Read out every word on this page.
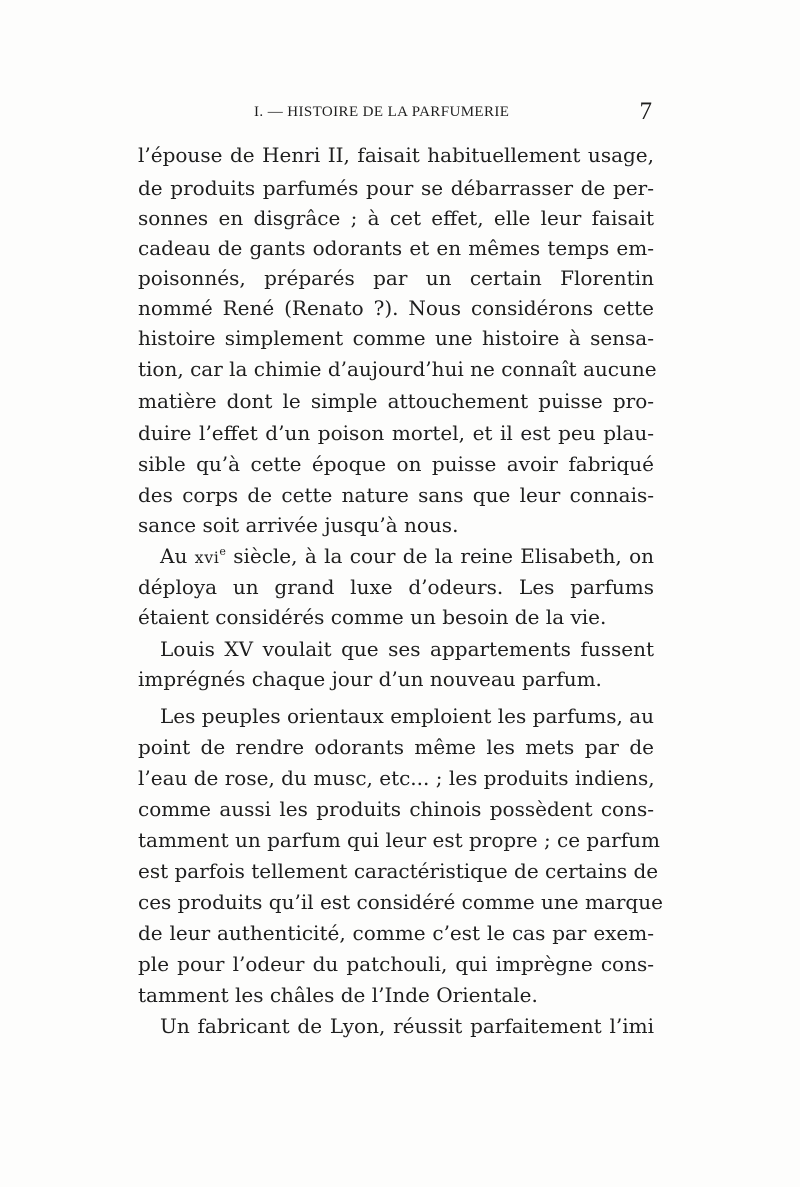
I. — HISTOIRE DE LA PARFUMERIE	7
l’épouse de Henri II, faisait habituellement usage,
de produits parfumés pour se débarrasser de per-
sonnes en disgrâce ; à cet effet, elle leur faisait
cadeau de gants odorants et en mêmes temps em-
poisonnés, préparés par un certain Florentin
nommé René (Renato ?). Nous considérons cette
histoire simplement comme une histoire à sensa-
tion, car la chimie d’aujourd’hui ne connaît aucune
matière dont le simple attouchement puisse pro-
duire l’effet d’un poison mortel, et il est peu plau-
sible qu’à cette époque on puisse avoir fabriqué
des corps de cette nature sans que leur connais-
sance soit arrivée jusqu’à nous.
Au xvi$^e$ siècle, à la cour de la reine Elisabeth, on
déploya un grand luxe d’odeurs. Les parfums
étaient considérés comme un besoin de la vie.
Louis XV voulait que ses appartements fussent
imprégnés chaque jour d’un nouveau parfum.
Les peuples orientaux emploient les parfums, au
point de rendre odorants même les mets par de
l’eau de rose, du musc, etc... ; les produits indiens,
comme aussi les produits chinois possèdent cons-
tamment un parfum qui leur est propre ; ce parfum
est parfois tellement caractéristique de certains de
ces produits qu’il est considéré comme une marque
de leur authenticité, comme c’est le cas par exem-
ple pour l’odeur du patchouli, qui imprègne cons-
tamment les châles de l’Inde Orientale.
Un fabricant de Lyon, réussit parfaitement l’imi
